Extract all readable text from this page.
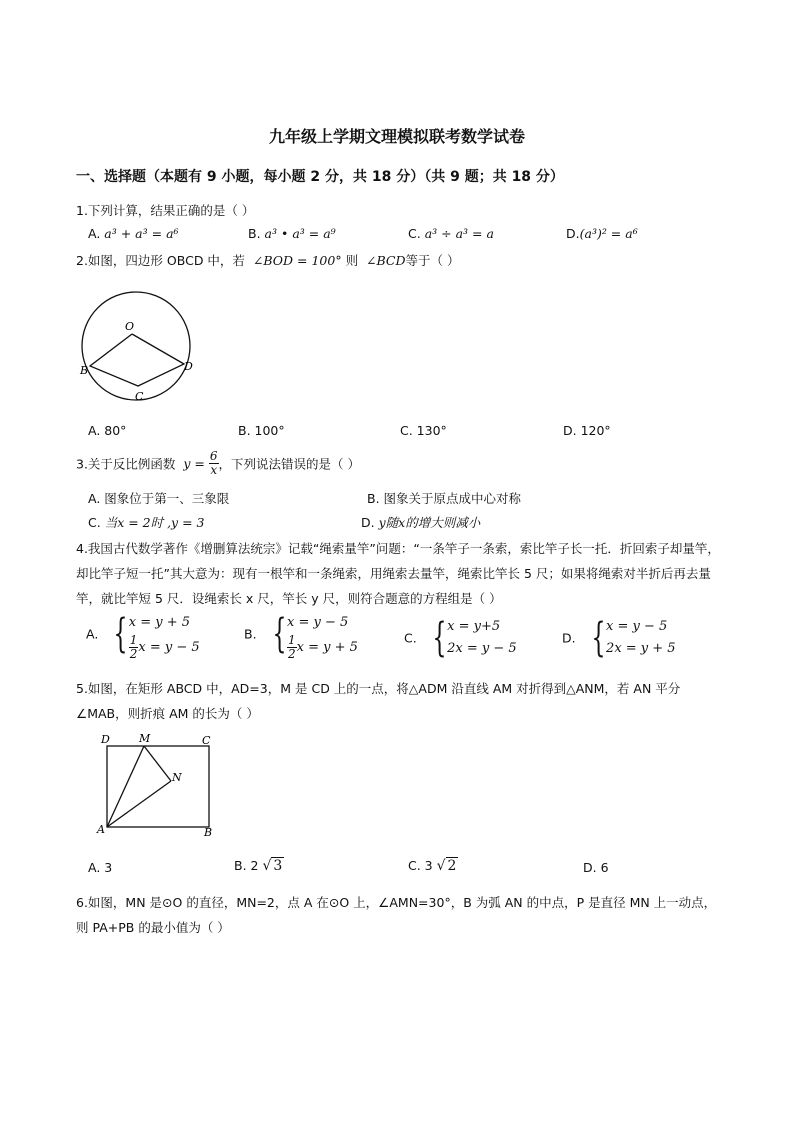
九年级上学期文理模拟联考数学试卷
一、选择题（本题有 9 小题，每小题 2 分，共 18 分）（共 9 题；共 18 分）
1.下列计算，结果正确的是（ ）
A. a³ + a³ = a⁶	B. a³ • a³ = a⁹	C. a³ ÷ a³ = a	D.(a³)² = a⁶
2.如图，四边形 OBCD 中，若 ∠BOD = 100° 则 ∠BCD等于（ ）
O
B
C
D
A. 80°	B. 100°	C. 130°	D. 120°
3.关于反比例函数 $y = \frac{6}{x}$ ，下列说法错误的是（ ）
A. 图象位于第一、三象限	B. 图象关于原点成中心对称
C. 当x = 2时 ,y = 3	D. y随x的增大则减小
4.我国古代数学著作《增删算法统宗》记载“绳索量竿”问题：“一条竿子一条索，索比竿子长一托．折回索子却量竿，却比竿子短一托”其大意为：现有一根竿和一条绳索，用绳索去量竿，绳索比竿长 5 尺；如果将绳索对半折后再去量竿，就比竿短 5 尺．设绳索长 x 尺，竿长 y 尺，则符合题意的方程组是（ ）
A. { x = y + 5
$\frac{1}{2}$ x = y − 5
B. { x = y − 5
$\frac{1}{2}$ x = y + 5
C. { x = y+5
2x = y − 5
D. { x = y − 5
2x = y + 5
5.如图，在矩形 ABCD 中，AD=3，M 是 CD 上的一点，将△ADM 沿直线 AM 对折得到△ANM，若 AN 平分∠MAB，则折痕 AM 的长为（ ）
D	M	C
N
A	B
A. 3	B. 2 √ 3	C. 3 √ 2	D. 6
6.如图，MN 是⊙O 的直径，MN=2，点 A 在⊙O 上，∠AMN=30°，B 为弧 AN 的中点，P 是直径 MN 上一动点，则 PA+PB 的最小值为（ ）
